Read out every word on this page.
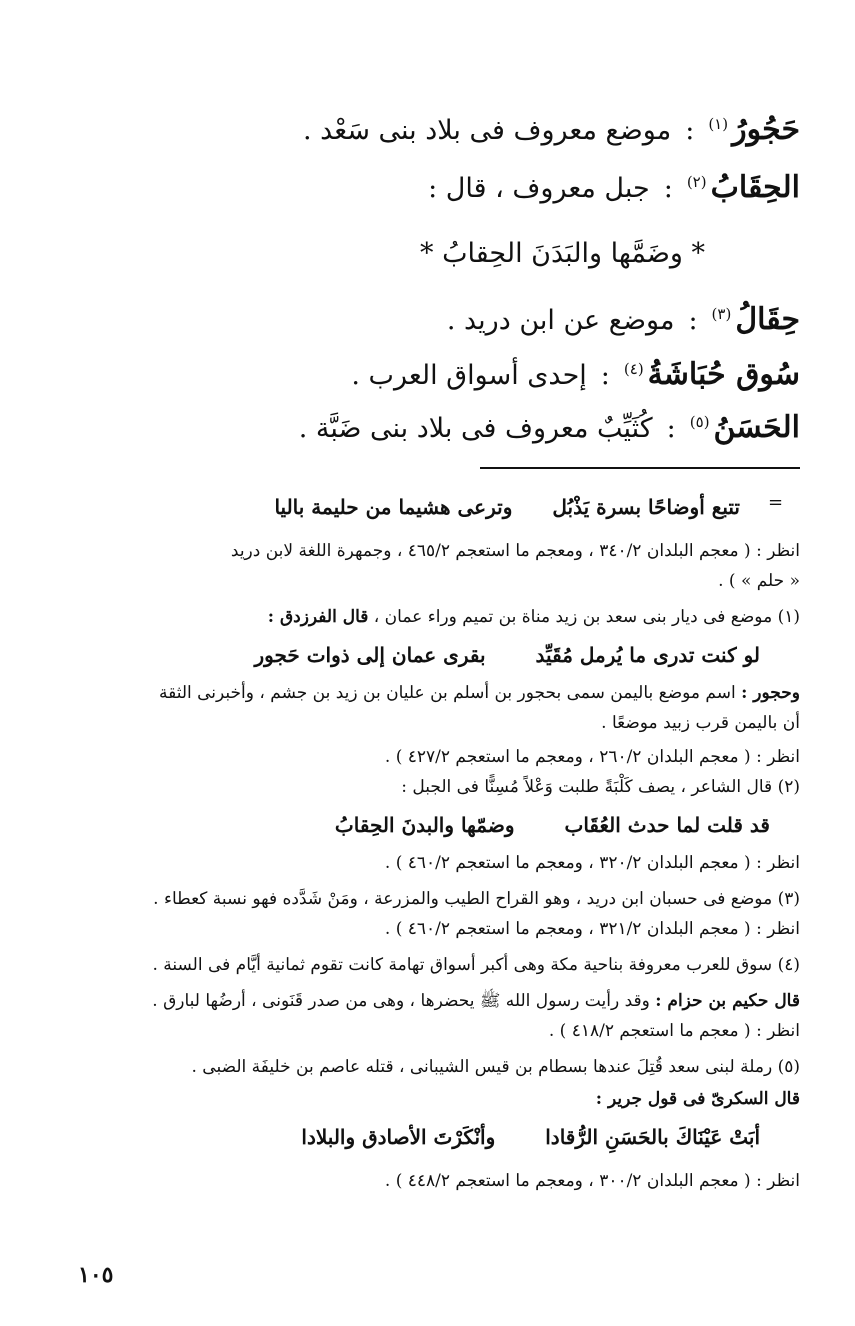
حَجُورُ$^{(١)}$:موضع معروف فى بلاد بنى سَعْد .
الحِقَابُ$^{(٢)}$:جبل معروف ، قال :
* وضَمَّها والبَدَنَ الحِقابُ *
حِقَالُ$^{(٣)}$:موضع عن ابن دريد .
سُوق حُبَاشَةُ$^{(٤)}$:إحدى أسواق العرب .
الحَسَنُ$^{(٥)}$:كُثَيِّبٌ معروف فى بلاد بنى ضَبَّة .
=
تتبع أوضاحًا بسرة يَذْبُلوترعى هشيما من حليمة باليا
انظر : ( معجم البلدان ٣٤٠/٢ ، ومعجم ما استعجم ٤٦٥/٢ ، وجمهرة اللغة لابن دريد
« حلم » ) .
(١) موضع فى ديار بنى سعد بن زيد مناة بن تميم وراء عمان ، قال الفرزدق :
لو كنت تدرى ما يُرمل مُقَيِّدبقرى عمان إلى ذوات حَجور
وحجور : اسم موضع باليمن سمى بحجور بن أسلم بن عليان بن زيد بن جشم ، وأخبرنى الثقة
أن باليمن قرب زبيد موضعًا .
انظر : ( معجم البلدان ٢٦٠/٢ ، ومعجم ما استعجم ٤٢٧/٢ ) .
(٢) قال الشاعر ، يصف كَلْبَةً طلبت وَعْلاً مُسِنًّا فى الجبل :
قد قلت لما حدث العُقَابوضمّها والبدنَ الحِقابُ
انظر : ( معجم البلدان ٣٢٠/٢ ، ومعجم ما استعجم ٤٦٠/٢ ) .
(٣) موضع فى حسبان ابن دريد ، وهو القراح الطيب والمزرعة ، ومَنْ شَدَّده فهو نسبة كعطاء .
انظر : ( معجم البلدان ٣٢١/٢ ، ومعجم ما استعجم ٤٦٠/٢ ) .
(٤) سوق للعرب معروفة بناحية مكة وهى أكبر أسواق تهامة كانت تقوم ثمانية أيَّام فى السنة .
قال حكيم بن حزام : وقد رأيت رسول الله ﷺ يحضرها ، وهى من صدر قَنَونى ، أرضُها لبارق .
انظر : ( معجم ما استعجم ٤١٨/٢ ) .
(٥) رملة لبنى سعد قُتِلَ عندها بسطام بن قيس الشيبانى ، قتله عاصم بن خليفَة الضبى .
قال السكرىّ فى قول جرير :
أبَتْ عَيْنَاكَ بالحَسَنِ الرُّقاداوأنْكَرْتَ الأصادق والبلادا
انظر : ( معجم البلدان ٣٠٠/٢ ، ومعجم ما استعجم ٤٤٨/٢ ) .
١٠٥
